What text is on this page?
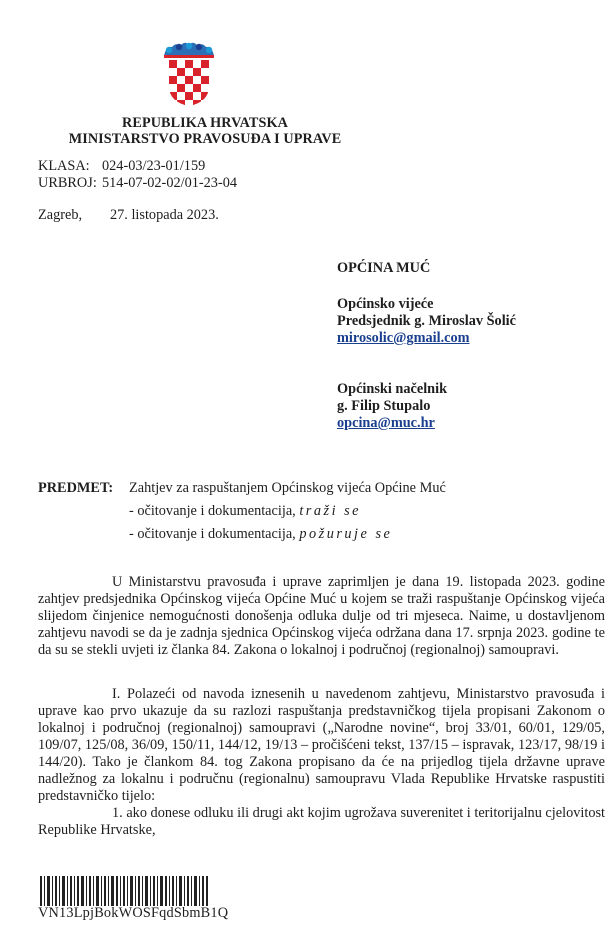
REPUBLIKA HRVATSKA
MINISTARSTVO PRAVOSUĐA I UPRAVE
KLASA: 024-03/23-01/159
URBROJ: 514-07-02-02/01-23-04
Zagreb, 27. listopada 2023.
OPĆINA MUĆ
Općinsko vijeće
Predsjednik g. Miroslav Šolić
mirosolic@gmail.com
Općinski načelnik
g. Filip Stupalo
opcina@muc.hr
PREDMET: Zahtjev za raspuštanjem Općinskog vijeća Općine Muć
- očitovanje i dokumentacija, traži se
- očitovanje i dokumentacija, požuruje se

U Ministarstvu pravosuđa i uprave zaprimljen je dana 19. listopada 2023. godine zahtjev predsjednika Općinskog vijeća Općine Muć u kojem se traži raspuštanje Općinskog vijeća slijedom činjenice nemogućnosti donošenja odluka dulje od tri mjeseca. Naime, u dostavljenom zahtjevu navodi se da je zadnja sjednica Općinskog vijeća održana dana 17. srpnja 2023. godine te da su se stekli uvjeti iz članka 84. Zakona o lokalnoj i područnoj (regionalnoj) samoupravi.

I. Polazeći od navoda iznesenih u navedenom zahtjevu, Ministarstvo pravosuđa i uprave kao prvo ukazuje da su razlozi raspuštanja predstavničkog tijela propisani Zakonom o lokalnoj i područnoj (regionalnoj) samoupravi („Narodne novine“, broj 33/01, 60/01, 129/05, 109/07, 125/08, 36/09, 150/11, 144/12, 19/13 – pročišćeni tekst, 137/15 – ispravak, 123/17, 98/19 i 144/20). Tako je člankom 84. tog Zakona propisano da će na prijedlog tijela državne uprave nadležnog za lokalnu i područnu (regionalnu) samoupravu Vlada Republike Hrvatske raspustiti predstavničko tijelo:

1. ako donese odluku ili drugi akt kojim ugrožava suverenitet i teritorijalnu cjelovitost Republike Hrvatske,

VN13LpjBokWOSFqdSbmB1Q
